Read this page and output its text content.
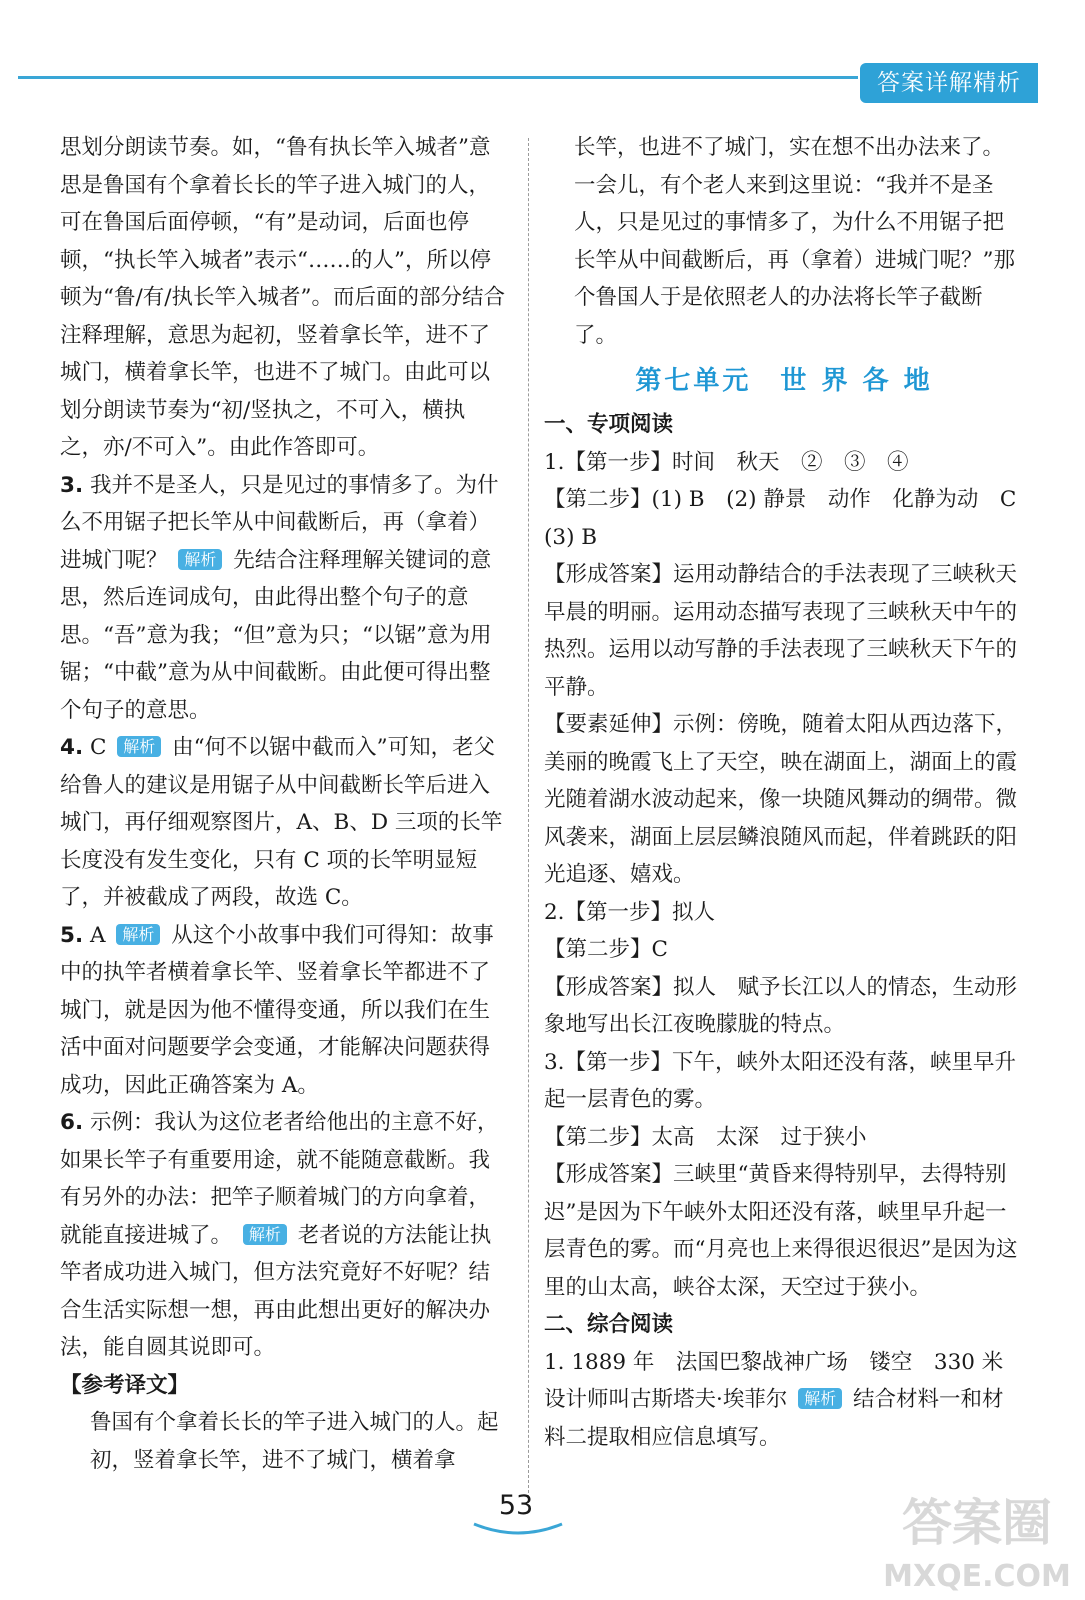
答案详解精析

思划分朗读节奏。如，“鲁有执长竿入城者”意思是鲁国有个拿着长长的竿子进入城门的人，可在鲁国后面停顿，“有”是动词，后面也停顿，“执长竿入城者”表示“……的人”，所以停顿为“鲁/有/执长竿入城者”。而后面的部分结合注释理解，意思为起初，竖着拿长竿，进不了城门，横着拿长竿，也进不了城门。由此可以划分朗读节奏为“初/竖执之，不可入，横执之，亦/不可入”。由此作答即可。

3. 我并不是圣人，只是见过的事情多了。为什么不用锯子把长竿从中间截断后，再（拿着）进城门呢？ 解析 先结合注释理解关键词的意思，然后连词成句，由此得出整个句子的意思。“吾”意为我；“但”意为只；“以锯”意为用锯；“中截”意为从中间截断。由此便可得出整个句子的意思。

4. C 解析 由“何不以锯中截而入”可知，老父给鲁人的建议是用锯子从中间截断长竿后进入城门，再仔细观察图片，A、B、D 三项的长竿长度没有发生变化，只有 C 项的长竿明显短了，并被截成了两段，故选 C。

5. A 解析 从这个小故事中我们可得知：故事中的执竿者横着拿长竿、竖着拿长竿都进不了城门，就是因为他不懂得变通，所以我们在生活中面对问题要学会变通，才能解决问题获得成功，因此正确答案为 A。

6. 示例：我认为这位老者给他出的主意不好，如果长竿子有重要用途，就不能随意截断。我有另外的办法：把竿子顺着城门的方向拿着，就能直接进城了。 解析 老者说的方法能让执竿者成功进入城门，但方法究竟好不好呢？结合生活实际想一想，再由此想出更好的解决办法，能自圆其说即可。

【参考译文】

鲁国有个拿着长长的竿子进入城门的人。起初，竖着拿长竿，进不了城门，横着拿

长竿，也进不了城门，实在想不出办法来了。一会儿，有个老人来到这里说：“我并不是圣人，只是见过的事情多了，为什么不用锯子把长竿从中间截断后，再（拿着）进城门呢？”那个鲁国人于是依照老人的办法将长竿子截断了。

第七单元　世 界 各 地

一、专项阅读

1.【第一步】时间　秋天　②　③　④

【第二步】(1) B　(2) 静景　动作　化静为动　C　(3) B

【形成答案】运用动静结合的手法表现了三峡秋天早晨的明丽。运用动态描写表现了三峡秋天中午的热烈。运用以动写静的手法表现了三峡秋天下午的平静。

【要素延伸】示例：傍晚，随着太阳从西边落下，美丽的晚霞飞上了天空，映在湖面上，湖面上的霞光随着湖水波动起来，像一块随风舞动的绸带。微风袭来，湖面上层层鳞浪随风而起，伴着跳跃的阳光追逐、嬉戏。

2.【第一步】拟人

【第二步】C

【形成答案】拟人　赋予长江以人的情态，生动形象地写出长江夜晚朦胧的特点。

3.【第一步】下午，峡外太阳还没有落，峡里早升起一层青色的雾。

【第二步】太高　太深　过于狭小

【形成答案】三峡里“黄昏来得特别早，去得特别迟”是因为下午峡外太阳还没有落，峡里早升起一层青色的雾。而“月亮也上来得很迟很迟”是因为这里的山太高，峡谷太深，天空过于狭小。

二、综合阅读

1. 1889 年　法国巴黎战神广场　镂空　330 米　设计师叫古斯塔夫·埃菲尔 解析 结合材料一和材料二提取相应信息填写。

53	答案圈
MXQE.COM
